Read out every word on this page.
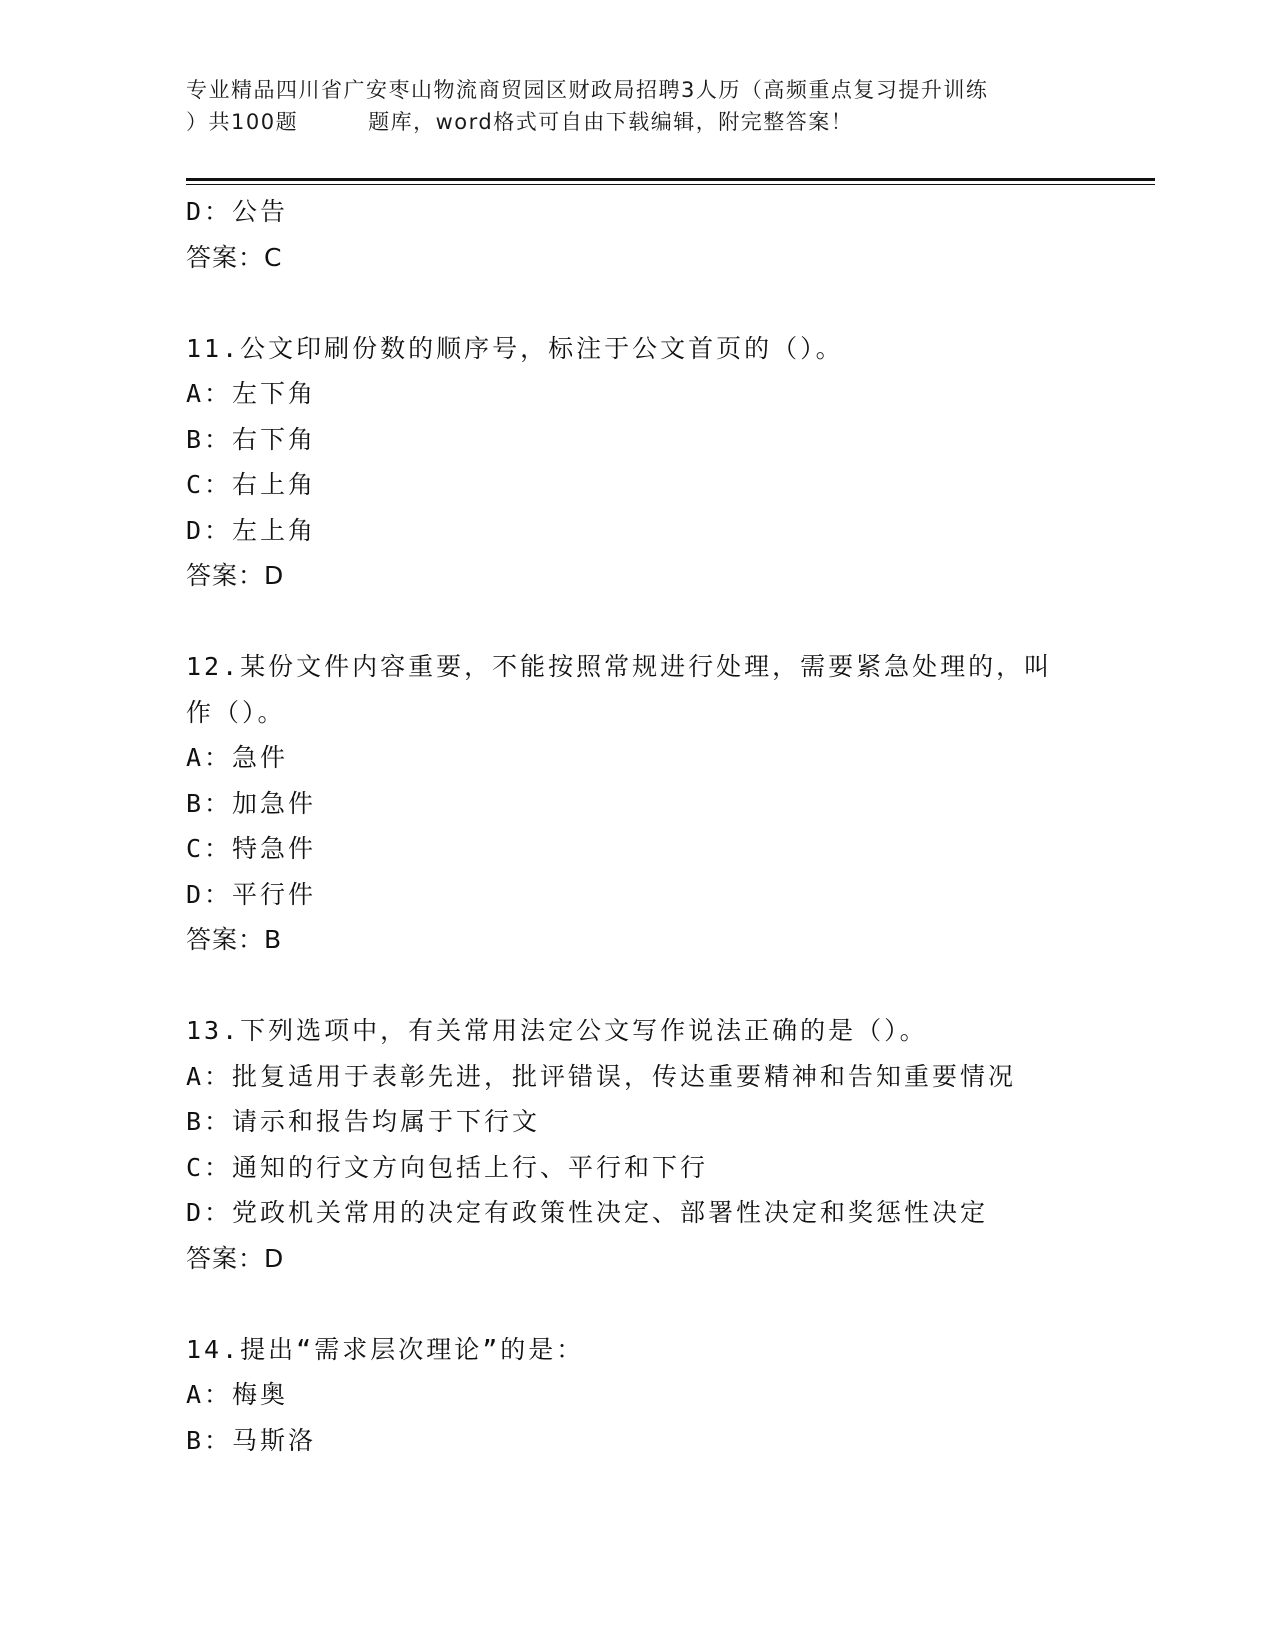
专业精品四川省广安枣山物流商贸园区财政局招聘3人历（高频重点复习提升训练
）共100题	题库，word格式可自由下载编辑，附完整答案！
D：公告
答案：C
11.公文印刷份数的顺序号，标注于公文首页的（）。
A：左下角
B：右下角
C：右上角
D：左上角
答案：D
12.某份文件内容重要，不能按照常规进行处理，需要紧急处理的，叫
作（）。
A：急件
B：加急件
C：特急件
D：平行件
答案：B
13.下列选项中，有关常用法定公文写作说法正确的是（）。
A：批复适用于表彰先进，批评错误，传达重要精神和告知重要情况
B：请示和报告均属于下行文
C：通知的行文方向包括上行、平行和下行
D：党政机关常用的决定有政策性决定、部署性决定和奖惩性决定
答案：D
14.提出“需求层次理论”的是：
A：梅奥
B：马斯洛
